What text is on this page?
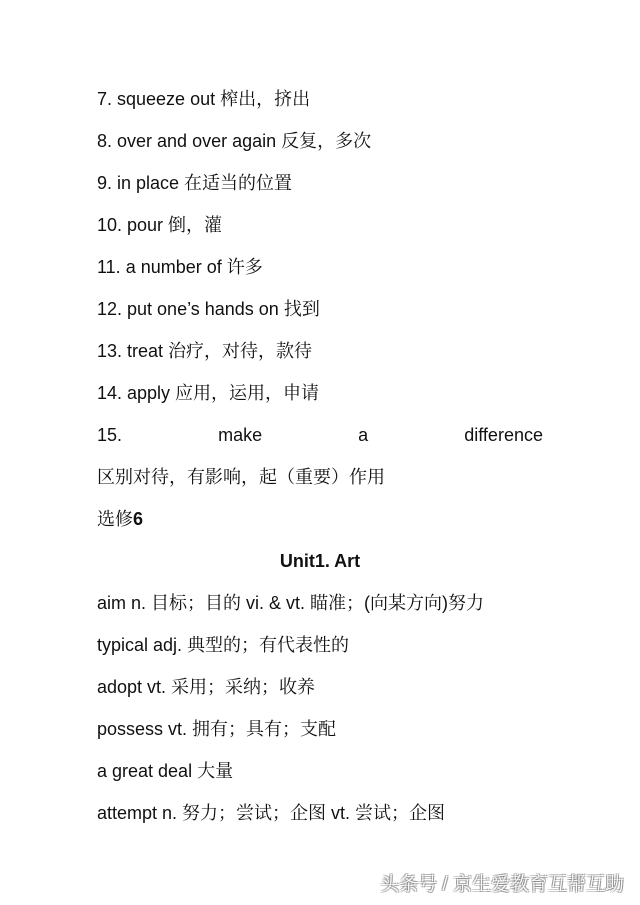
7. squeeze out 榨出，挤出
8. over and over again 反复，多次
9. in place 在适当的位置
10. pour 倒，灌
11. a number of 许多
12. put one’s hands on 找到
13. treat 治疗，对待，款待
14. apply 应用，运用，申请
15.	make	a	difference
区别对待，有影响，起（重要）作用
选修6
Unit1. Art
aim n. 目标；目的 vi. & vt. 瞄准；(向某方向)努力
typical adj. 典型的；有代表性的
adopt vt. 采用；采纳；收养
possess vt. 拥有；具有；支配
a great deal 大量
attempt n. 努力；尝试；企图 vt. 尝试；企图
头条号 / 京生爱教育互帮互助
